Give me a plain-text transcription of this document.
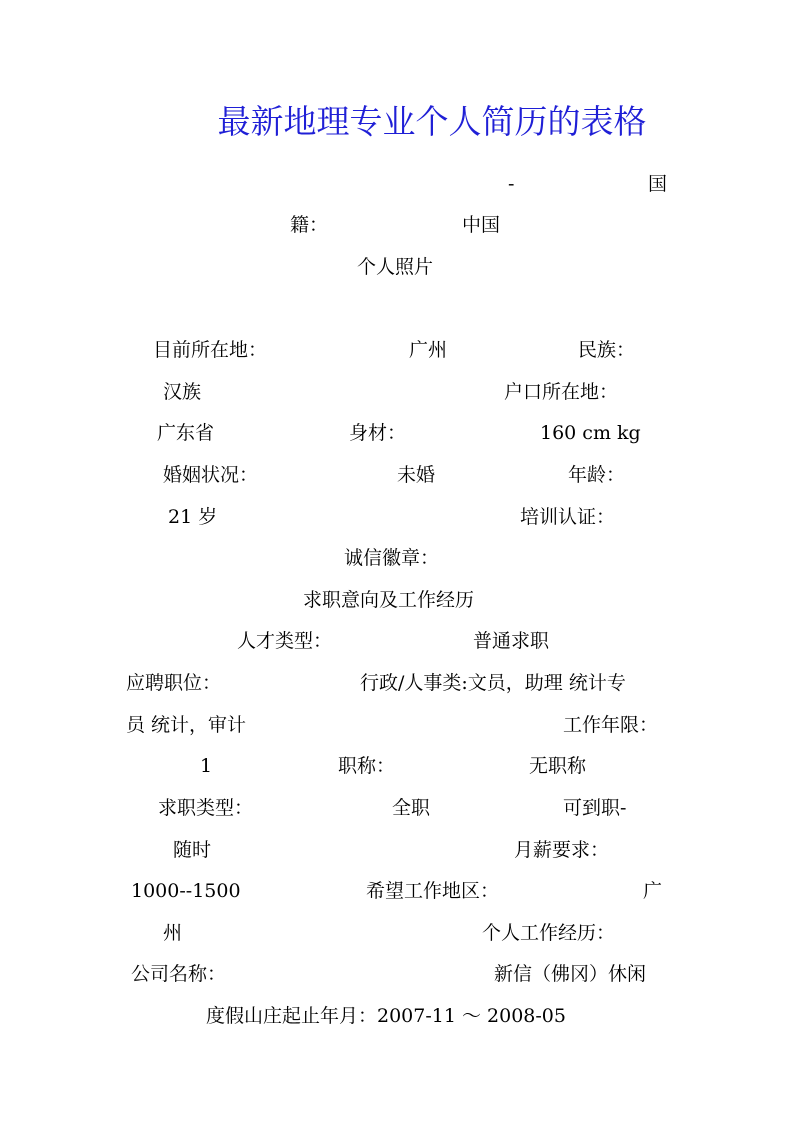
最新地理专业个人简历的表格
-	国
籍：	中国
个人照片
目前所在地：	广州	民族：
汉族	户口所在地：
广东省	身材：	160 cm kg
婚姻状况：	未婚	年龄：
21 岁	培训认证：
诚信徽章：
求职意向及工作经历
人才类型：	普通求职
应聘职位：	行政/人事类:文员，助理 统计专
员 统计，审计	工作年限：
1	职称：	无职称
求职类型：	全职	可到职-
随时	月薪要求：
1000--1500	希望工作地区：	广
州	个人工作经历：
公司名称：	新信（佛冈）休闲
度假山庄起止年月：2007-11 ～ 2008-05
